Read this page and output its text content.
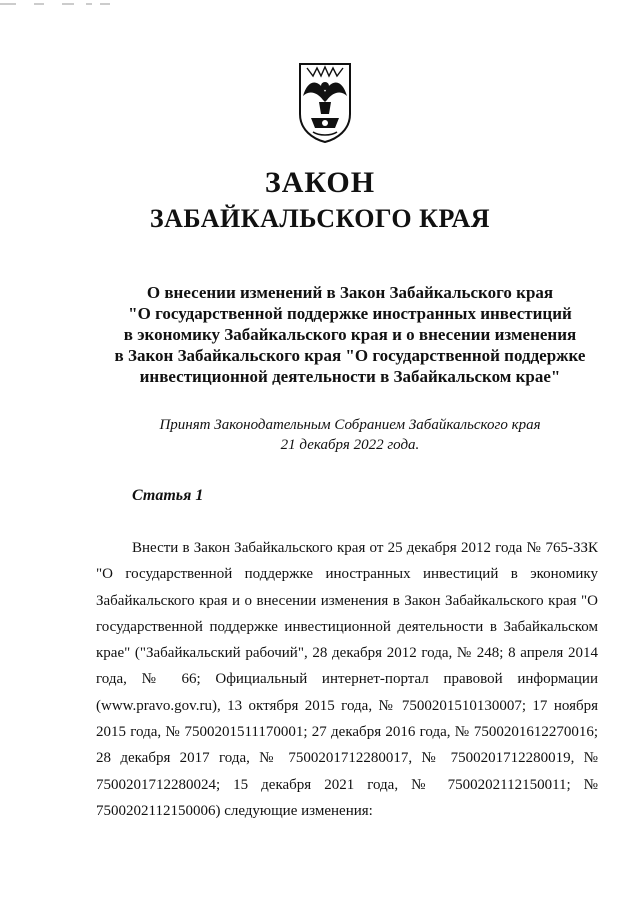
ЗАКОН
ЗАБАЙКАЛЬСКОГО КРАЯ
О внесении изменений в Закон Забайкальского края
"О государственной поддержке иностранных инвестиций
в экономику Забайкальского края и о внесении изменения
в Закон Забайкальского края "О государственной поддержке
инвестиционной деятельности в Забайкальском крае"
Принят Законодательным Собранием Забайкальского края
21 декабря 2022 года.
Статья 1

Внести в Закон Забайкальского края от 25 декабря 2012 года № 765-ЗЗК "О государственной поддержке иностранных инвестиций в экономику Забайкальского края и о внесении изменения в Закон Забайкальского края "О государственной поддержке инвестиционной деятельности в Забайкальском крае" ("Забайкальский рабочий", 28 декабря 2012 года, № 248; 8 апреля 2014 года, № 66; Официальный интернет-портал правовой информации (www.pravo.gov.ru), 13 октября 2015 года, № 7500201510130007; 17 ноября 2015 года, № 7500201511170001; 27 декабря 2016 года, № 7500201612270016; 28 декабря 2017 года, № 7500201712280017, № 7500201712280019, № 7500201712280024; 15 декабря 2021 года, № 7500202112150011; № 7500202112150006) следующие изменения:
